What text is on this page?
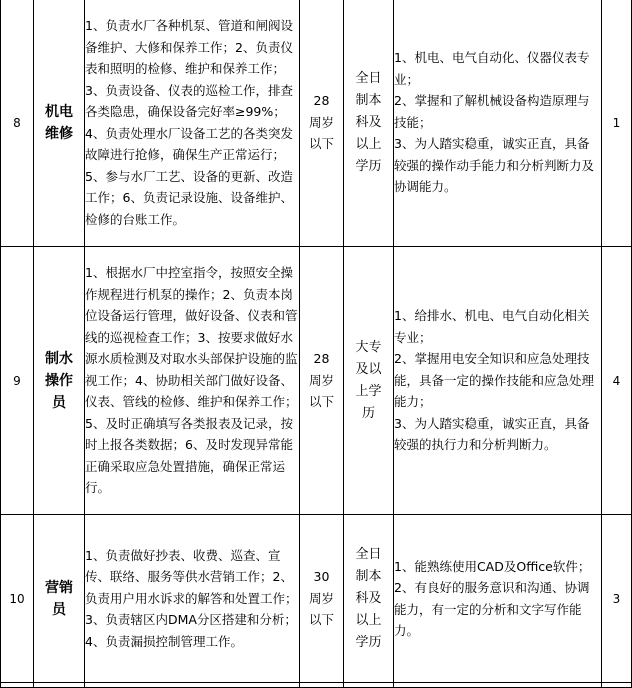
8	机电维修	1、负责水厂各种机泵、管道和闸阀设备维护、大修和保养工作；2、负责仪表和照明的检修、维护和保养工作；3、负责设备、仪表的巡检工作，排查各类隐患，确保设备完好率≥99%；4、负责处理水厂设备工艺的各类突发故障进行抢修，确保生产正常运行；5、参与水厂工艺、设备的更新、改造工作；6、负责记录设施、设备维护、检修的台账工作。	28周岁以下	全日制本科及以上学历	1、机电、电气自动化、仪器仪表专业；
2、掌握和了解机械设备构造原理与技能；
3、为人踏实稳重，诚实正直，具备较强的操作动手能力和分析判断力及协调能力。	1
9	制水操作员	1、根据水厂中控室指令，按照安全操作规程进行机泵的操作；2、负责本岗位设备运行管理，做好设备、仪表和管线的巡视检查工作；3、按要求做好水源水质检测及对取水头部保护设施的监视工作；4、协助相关部门做好设备、仪表、管线的检修、维护和保养工作；5、及时正确填写各类报表及记录，按时上报各类数据；6、及时发现异常能正确采取应急处置措施，确保正常运行。	28周岁以下	大专及以上学历	1、给排水、机电、电气自动化相关专业；
2、掌握用电安全知识和应急处理技能，具备一定的操作技能和应急处理能力；
3、为人踏实稳重，诚实正直，具备较强的执行力和分析判断力。	4
10	营销员	1、负责做好抄表、收费、巡查、宣传、联络、服务等供水营销工作；2、负责用户用水诉求的解答和处置工作；3、负责辖区内DMA分区搭建和分析；4、负责漏损控制管理工作。	30周岁以下	全日制本科及以上学历	1、能熟练使用CAD及Office软件；
2、有良好的服务意识和沟通、协调能力，有一定的分析和文字写作能力。	3
